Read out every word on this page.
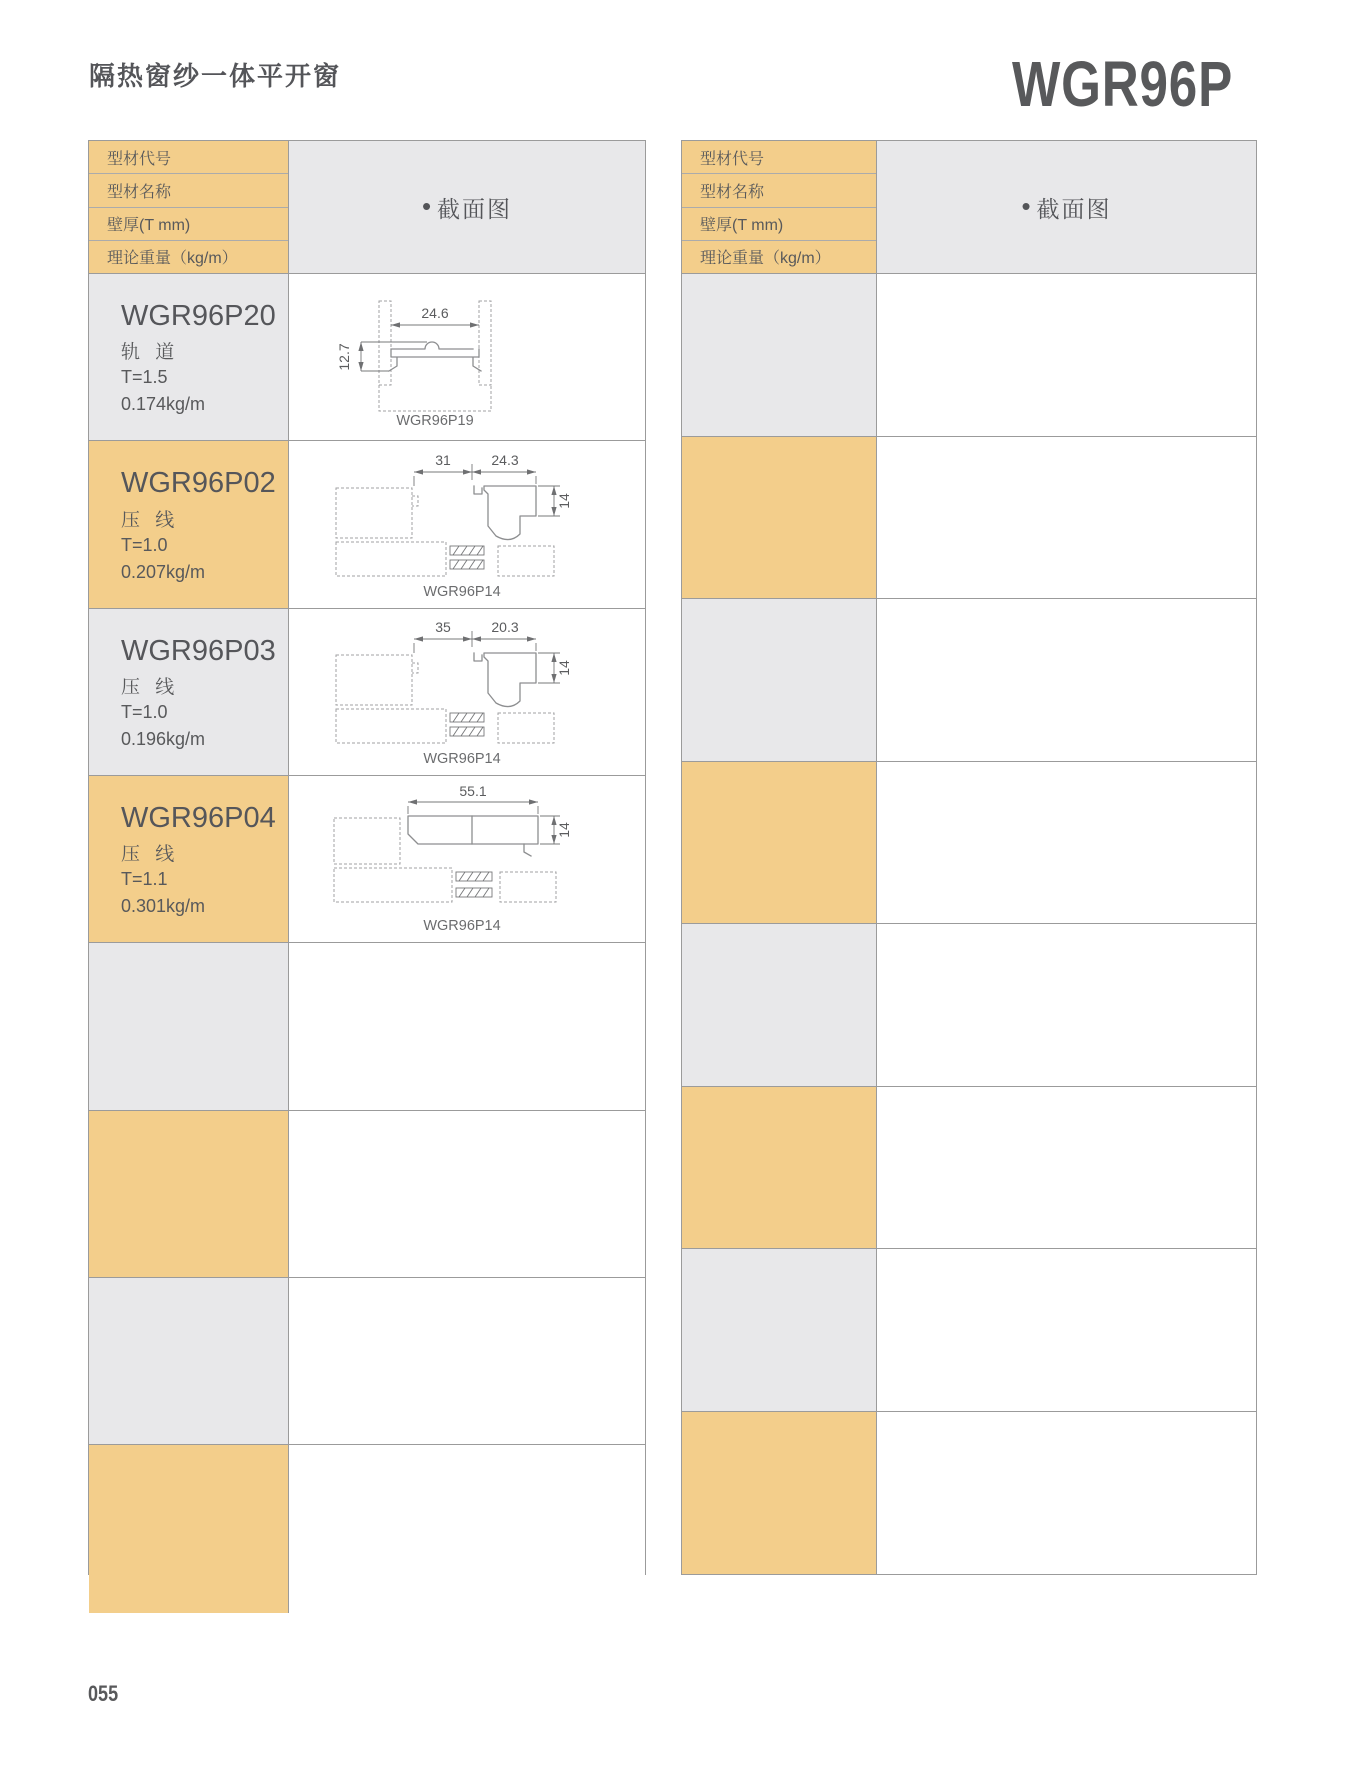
隔热窗纱一体平开窗	WGR96P
型材代号
型材名称
壁厚(T mm)
理论重量（kg/m）
• 截面图
WGR96P20
轨 道
T=1.5
0.174kg/m
24.6
12.7
WGR96P19
WGR96P02
压 线
T=1.0
0.207kg/m
31	24.3
14
WGR96P14
WGR96P03
压 线
T=1.0
0.196kg/m
35	20.3
14
WGR96P14
WGR96P04
压 线
T=1.1
0.301kg/m
55.1
14
WGR96P14
型材代号
型材名称
壁厚(T mm)
理论重量（kg/m）
• 截面图
055
